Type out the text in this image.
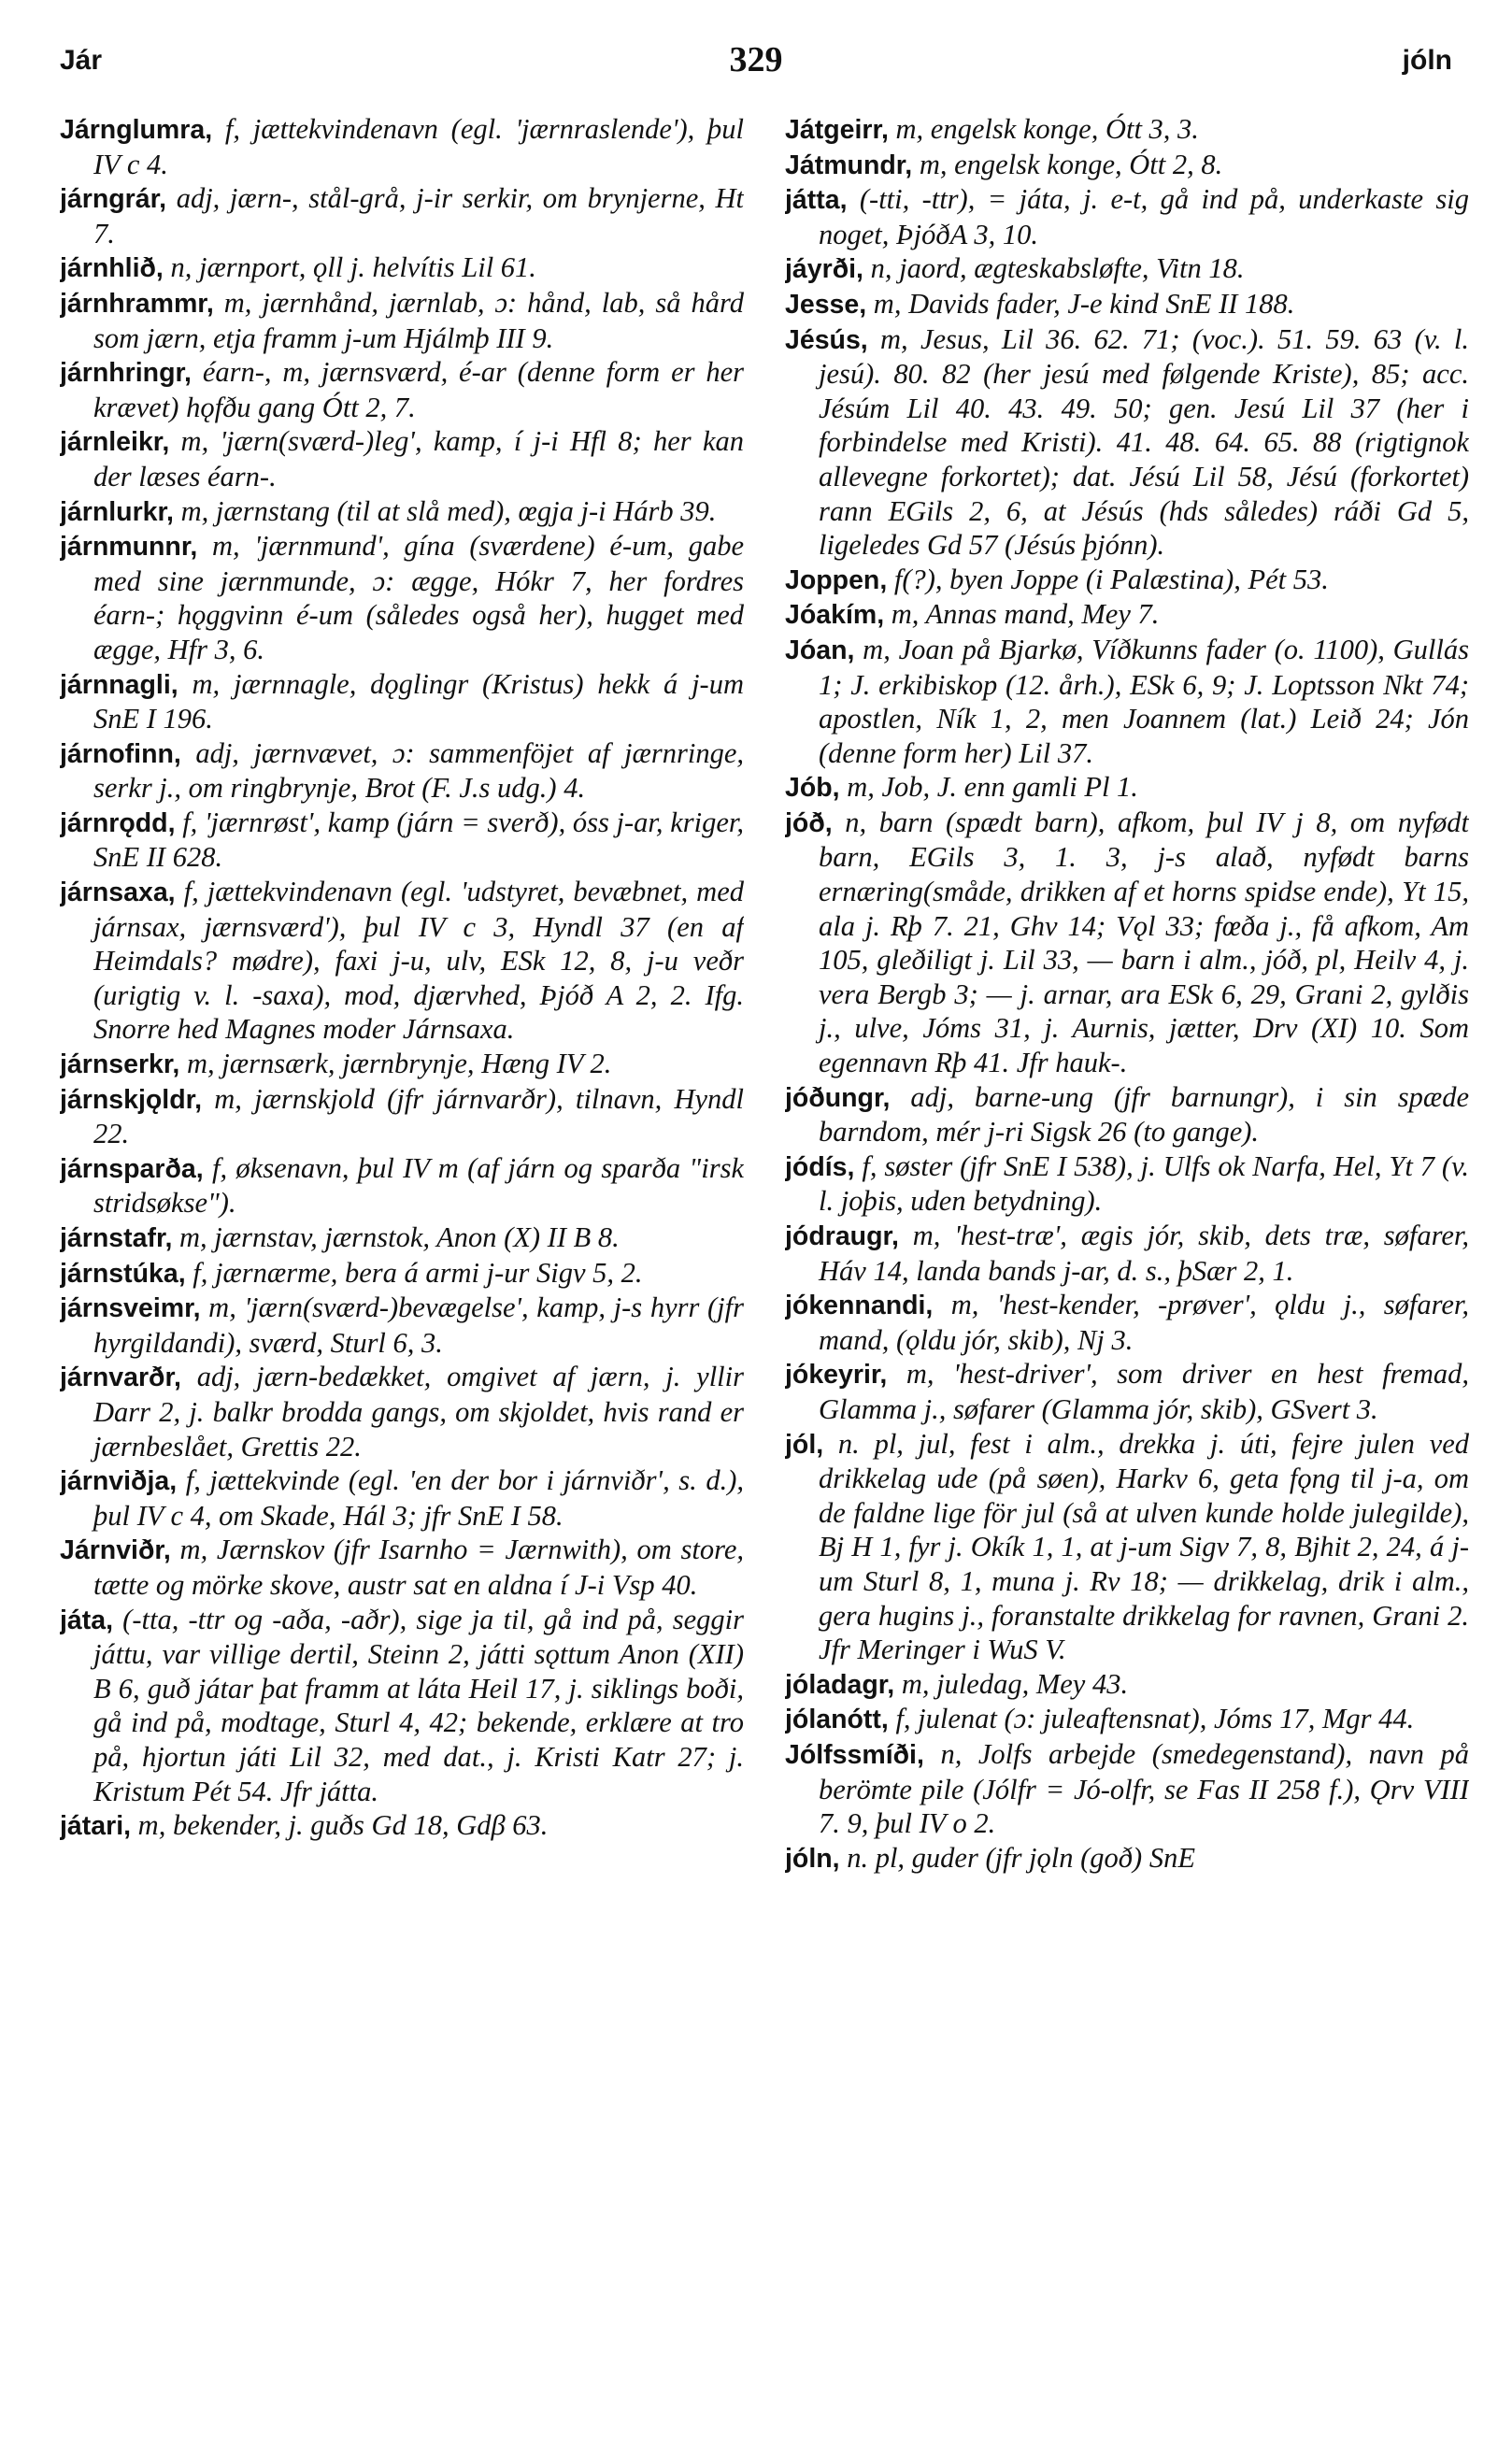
Jár	329	jóln

Járnglumra, f, jættekvindenavn (egl. 'jærnraslende'), þul IV c 4.

járngrár, adj, jærn-, stål-grå, j-ir serkir, om brynjerne, Ht 7.

járnhlið, n, jærnport, ǫll j. helvítis Lil 61.

járnhrammr, m, jærnhånd, jærnlab, ɔ: hånd, lab, så hård som jærn, etja framm j-um Hjálmþ III 9.

járnhringr, éarn-, m, jærnsværd, é-ar (denne form er her krævet) hǫfðu gang Ótt 2, 7.

járnleikr, m, 'jærn(sværd-)leg', kamp, í j-i Hfl 8; her kan der læses éarn-.

járnlurkr, m, jærnstang (til at slå med), œgja j-i Hárb 39.

járnmunnr, m, 'jærnmund', gína (sværdene) é-um, gabe med sine jærnmunde, ɔ: ægge, Hókr 7, her fordres éarn-; hǫggvinn é-um (således også her), hugget med ægge, Hfr 3, 6.

járnnagli, m, jærnnagle, dǫglingr (Kristus) hekk á j-um SnE I 196.

járnofinn, adj, jærnvævet, ɔ: sammenföjet af jærnringe, serkr j., om ringbrynje, Brot (F. J.s udg.) 4.

járnrǫdd, f, 'jærnrøst', kamp (járn = sverð), óss j-ar, kriger, SnE II 628.

járnsaxa, f, jættekvindenavn (egl. 'udstyret, bevæbnet, med járnsax, jærnsværd'), þul IV c 3, Hyndl 37 (en af Heimdals? mødre), faxi j-u, ulv, ESk 12, 8, j-u veðr (urigtig v. l. -saxa), mod, djærvhed, Þjóð A 2, 2. Ifg. Snorre hed Magnes moder Járnsaxa.

járnserkr, m, jærnsærk, jærnbrynje, Hæng IV 2.

járnskjǫldr, m, jærnskjold (jfr járnvarðr), tilnavn, Hyndl 22.

járnsparða, f, øksenavn, þul IV m (af járn og sparða "irsk stridsøkse").

járnstafr, m, jærnstav, jærnstok, Anon (X) II B 8.

járnstúka, f, jærnærme, bera á armi j-ur Sigv 5, 2.

járnsveimr, m, 'jærn(sværd-)bevægelse', kamp, j-s hyrr (jfr hyrgildandi), sværd, Sturl 6, 3.

járnvarðr, adj, jærn-bedækket, omgivet af jærn, j. yllir Darr 2, j. balkr brodda gangs, om skjoldet, hvis rand er jærnbeslået, Grettis 22.

járnviðja, f, jættekvinde (egl. 'en der bor i járnviðr', s. d.), þul IV c 4, om Skade, Hál 3; jfr SnE I 58.

Járnviðr, m, Jærnskov (jfr Isarnho = Jærnwith), om store, tætte og mörke skove, austr sat en aldna í J-i Vsp 40.

játa, (-tta, -ttr og -aða, -aðr), sige ja til, gå ind på, seggir játtu, var villige dertil, Steinn 2, játti sǫttum Anon (XII) B 6, guð játar þat framm at láta Heil 17, j. siklings boði, gå ind på, modtage, Sturl 4, 42; bekende, erklære at tro på, hjortun játi Lil 32, med dat., j. Kristi Katr 27; j. Kristum Pét 54. Jfr játta.

játari, m, bekender, j. guðs Gd 18, Gdβ 63.

Játgeirr, m, engelsk konge, Ótt 3, 3.

Játmundr, m, engelsk konge, Ótt 2, 8.

játta, (-tti, -ttr), = játa, j. e-t, gå ind på, underkaste sig noget, ÞjóðA 3, 10.

jáyrði, n, jaord, ægteskabsløfte, Vitn 18.

Jesse, m, Davids fader, J-e kind SnE II 188.

Jésús, m, Jesus, Lil 36. 62. 71; (voc.). 51. 59. 63 (v. l. jesú). 80. 82 (her jesú med følgende Kriste), 85; acc. Jésúm Lil 40. 43. 49. 50; gen. Jesú Lil 37 (her i forbindelse med Kristi). 41. 48. 64. 65. 88 (rigtignok allevegne forkortet); dat. Jésú Lil 58, Jésú (forkortet) rann EGils 2, 6, at Jésús (hds således) ráði Gd 5, ligeledes Gd 57 (Jésús þjónn).

Joppen, f(?), byen Joppe (i Palæstina), Pét 53.

Jóakím, m, Annas mand, Mey 7.

Jóan, m, Joan på Bjarkø, Víðkunns fader (o. 1100), Gullás 1; J. erkibiskop (12. årh.), ESk 6, 9; J. Loptsson Nkt 74; apostlen, Ník 1, 2, men Joannem (lat.) Leið 24; Jón (denne form her) Lil 37.

Jób, m, Job, J. enn gamli Pl 1.

jóð, n, barn (spædt barn), afkom, þul IV j 8, om nyfødt barn, EGils 3, 1. 3, j-s alað, nyfødt barns ernæring(småde, drikken af et horns spidse ende), Yt 15, ala j. Rþ 7. 21, Ghv 14; Vǫl 33; fœða j., få afkom, Am 105, gleðiligt j. Lil 33, — barn i alm., jóð, pl, Heilv 4, j. vera Bergb 3; — j. arnar, ara ESk 6, 29, Grani 2, gylðis j., ulve, Jóms 31, j. Aurnis, jætter, Drv (XI) 10. Som egennavn Rþ 41. Jfr hauk-.

jóðungr, adj, barne-ung (jfr barnungr), i sin spæde barndom, mér j-ri Sigsk 26 (to gange).

jódís, f, søster (jfr SnE I 538), j. Ulfs ok Narfa, Hel, Yt 7 (v. l. joþis, uden betydning).

jódraugr, m, 'hest-træ', ægis jór, skib, dets træ, søfarer, Háv 14, landa bands j-ar, d. s., þSær 2, 1.

jókennandi, m, 'hest-kender, -prøver', ǫldu j., søfarer, mand, (ǫldu jór, skib), Nj 3.

jókeyrir, m, 'hest-driver', som driver en hest fremad, Glamma j., søfarer (Glamma jór, skib), GSvert 3.

jól, n. pl, jul, fest i alm., drekka j. úti, fejre julen ved drikkelag ude (på søen), Harkv 6, geta fǫng til j-a, om de faldne lige för jul (så at ulven kunde holde julegilde), Bj H 1, fyr j. Okík 1, 1, at j-um Sigv 7, 8, Bjhit 2, 24, á j-um Sturl 8, 1, muna j. Rv 18; — drikkelag, drik i alm., gera hugins j., foranstalte drikkelag for ravnen, Grani 2. Jfr Meringer i WuS V.

jóladagr, m, juledag, Mey 43.

jólanótt, f, julenat (ɔ: juleaftensnat), Jóms 17, Mgr 44.

Jólfssmíði, n, Jolfs arbejde (smedegenstand), navn på berömte pile (Jólfr = Jó-olfr, se Fas II 258 f.), Ǫrv VIII 7. 9, þul IV o 2.

jóln, n. pl, guder (jfr jǫln (goð) SnE
